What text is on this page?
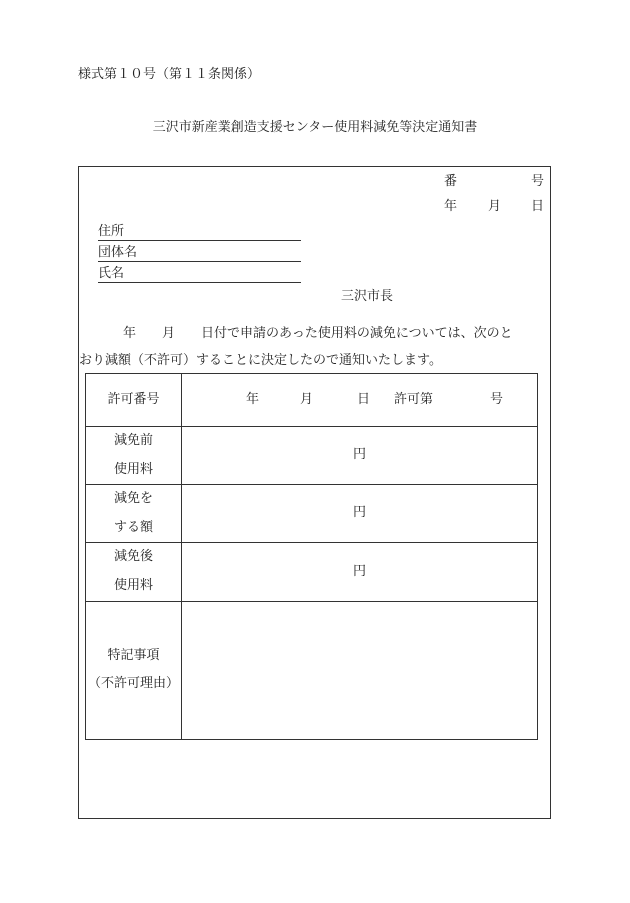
様式第１０号（第１１条関係）
三沢市新産業創造支援センター使用料減免等決定通知書
番	号
年 月 日
住所
団体名
氏名
三沢市長
年　　月　　日付で申請のあった使用料の減免については、次のと
おり減額（不許可）することに決定したので通知いたします。
許可番号	年 月 日 許可第 号

減免前
使用料	円

減免を
する額	円

減免後
使用料	円

特記事項
（不許可理由）	
